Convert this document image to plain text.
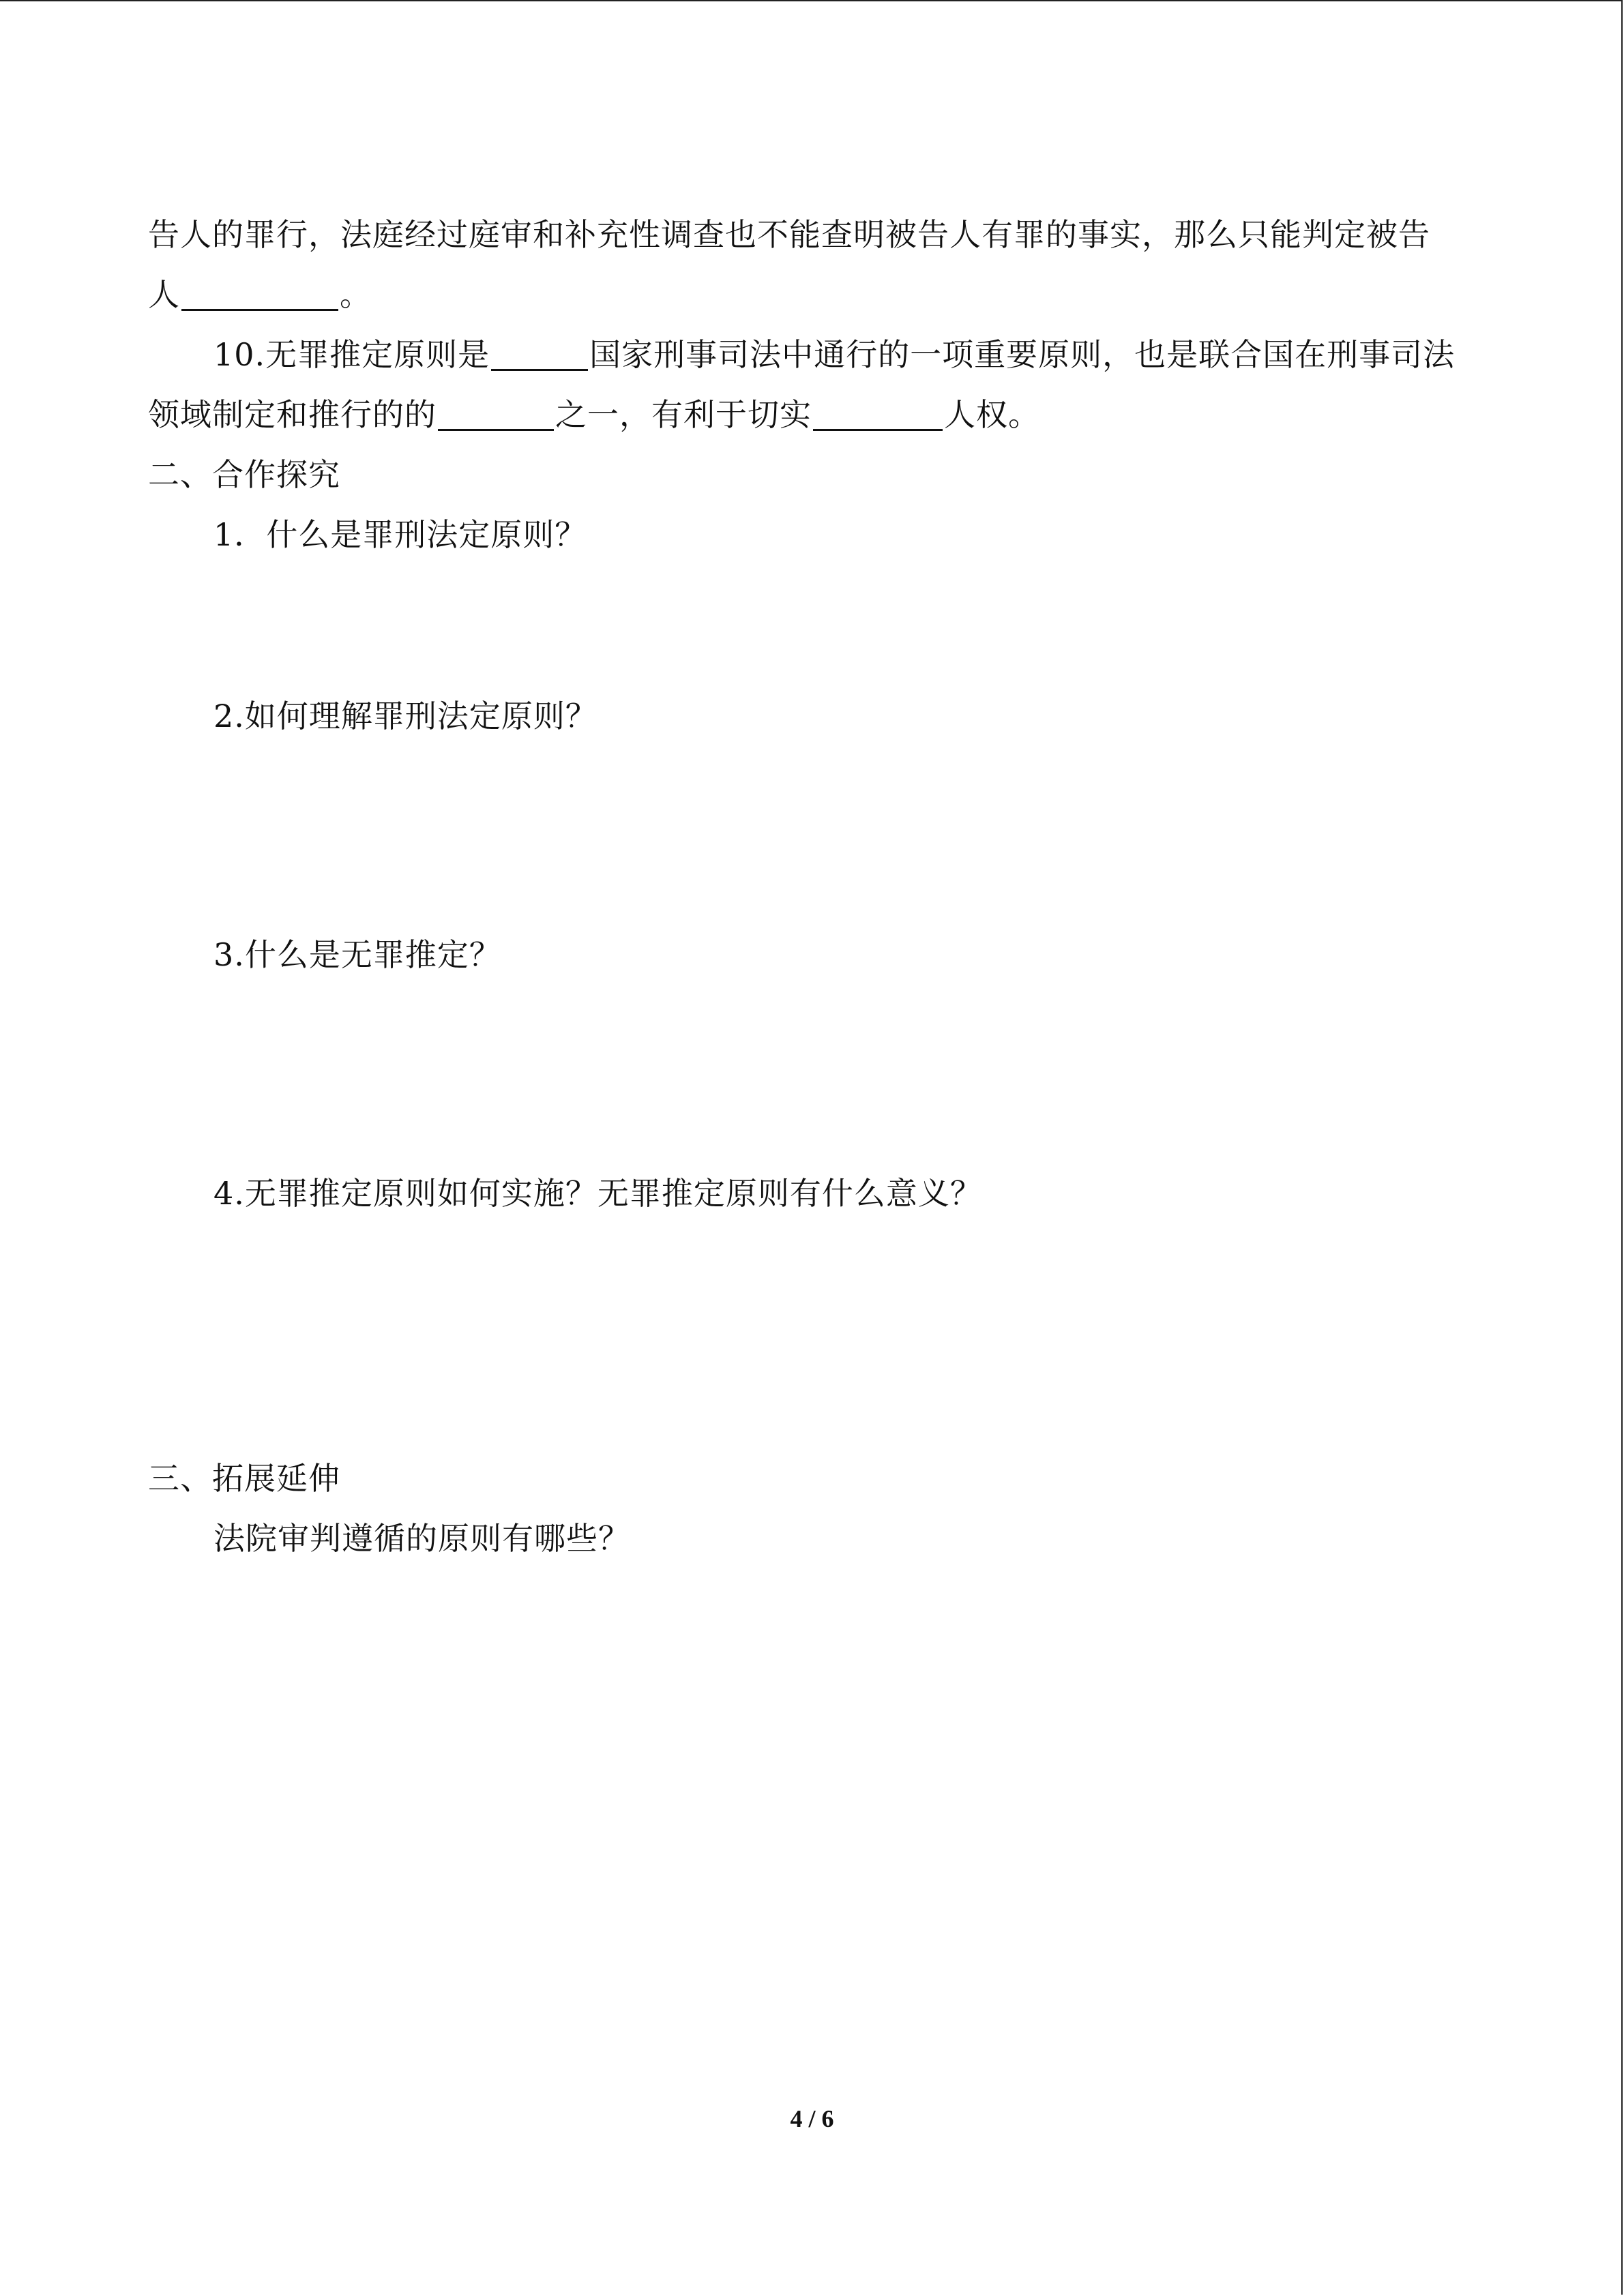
告人的罪行，法庭经过庭审和补充性调查也不能查明被告人有罪的事实，那么只能判定被告
人	。
10.无罪推定原则是	国家刑事司法中通行的一项重要原则，也是联合国在刑事司法
领域制定和推行的的	之一，有利于切实	人权。
二、合作探究
1．什么是罪刑法定原则？
2.如何理解罪刑法定原则？
3.什么是无罪推定？
4.无罪推定原则如何实施？无罪推定原则有什么意义？
三、拓展延伸
法院审判遵循的原则有哪些？
4 / 6
